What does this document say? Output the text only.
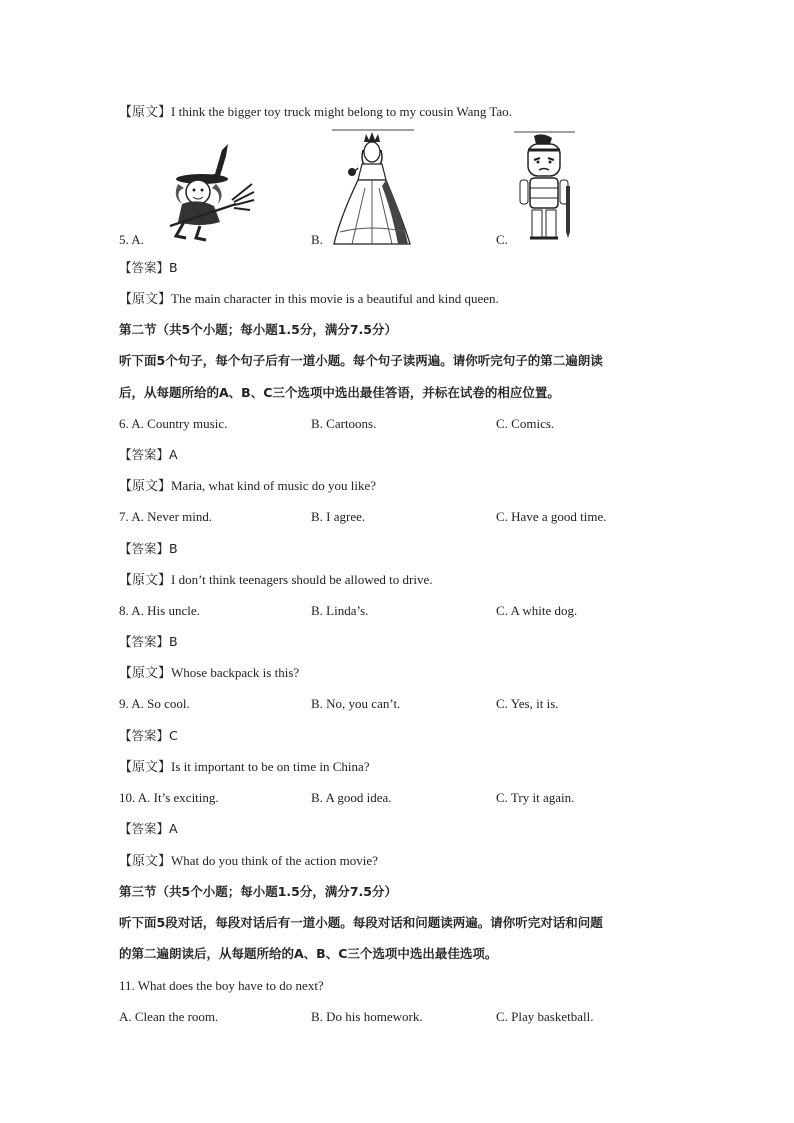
【原文】I think the bigger toy truck might belong to my cousin Wang Tao.
5. A.	B.	C.
【答案】B
【原文】The main character in this movie is a beautiful and kind queen.
第二节（共5个小题；每小题1.5分，满分7.5分）
听下面5个句子，每个句子后有一道小题。每个句子读两遍。请你听完句子的第二遍朗读
后，从每题所给的A、B、C三个选项中选出最佳答语，并标在试卷的相应位置。
6. A. Country music.	B. Cartoons.	C. Comics.
【答案】A
【原文】Maria, what kind of music do you like?
7. A. Never mind.	B. I agree.	C. Have a good time.
【答案】B
【原文】I don’t think teenagers should be allowed to drive.
8. A. His uncle.	B. Linda’s.	C. A white dog.
【答案】B
【原文】Whose backpack is this?
9. A. So cool.	B. No, you can’t.	C. Yes, it is.
【答案】C
【原文】Is it important to be on time in China?
10. A. It’s exciting.	B. A good idea.	C. Try it again.
【答案】A
【原文】What do you think of the action movie?
第三节（共5个小题；每小题1.5分，满分7.5分）
听下面5段对话，每段对话后有一道小题。每段对话和问题读两遍。请你听完对话和问题
的第二遍朗读后，从每题所给的A、B、C三个选项中选出最佳选项。
11. What does the boy have to do next?
A. Clean the room.	B. Do his homework.	C. Play basketball.
